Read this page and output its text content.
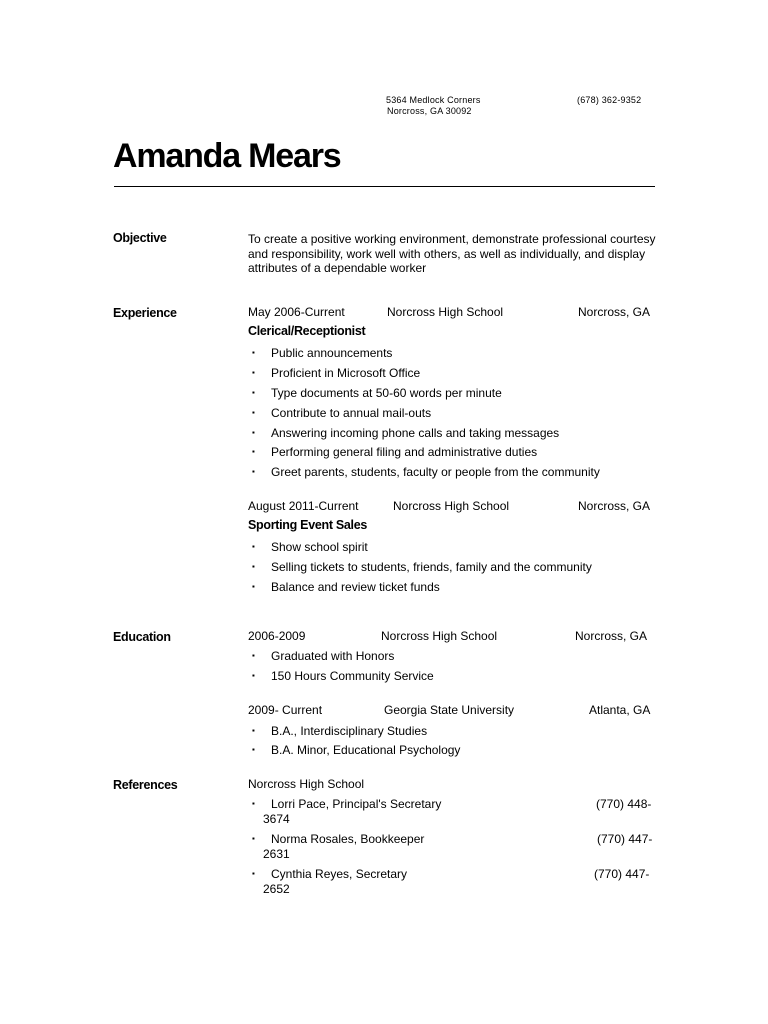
5364 Medlock Corners
Norcross, GA 30092
(678) 362-9352
Amanda Mears
Objective	To create a positive working environment, demonstrate professional courtesy and responsibility, work well with others, as well as individually, and display attributes of a dependable worker
Experience	May 2006-Current	Norcross High School	Norcross, GA
Clerical/Receptionist
▪ Public announcements
▪ Proficient in Microsoft Office
▪ Type documents at 50-60 words per minute
▪ Contribute to annual mail-outs
▪ Answering incoming phone calls and taking messages
▪ Performing general filing and administrative duties
▪ Greet parents, students, faculty or people from the community
August 2011-Current	Norcross High School	Norcross, GA
Sporting Event Sales
▪ Show school spirit
▪ Selling tickets to students, friends, family and the community
▪ Balance and review ticket funds
Education	2006-2009	Norcross High School	Norcross, GA
▪ Graduated with Honors
▪ 150 Hours Community Service
2009- Current	Georgia State University	Atlanta, GA
▪ B.A., Interdisciplinary Studies
▪ B.A. Minor, Educational Psychology
References	Norcross High School
▪ Lorri Pace, Principal's Secretary	(770) 448-
3674
▪ Norma Rosales, Bookkeeper	(770) 447-
2631
▪ Cynthia Reyes, Secretary	(770) 447-
2652
